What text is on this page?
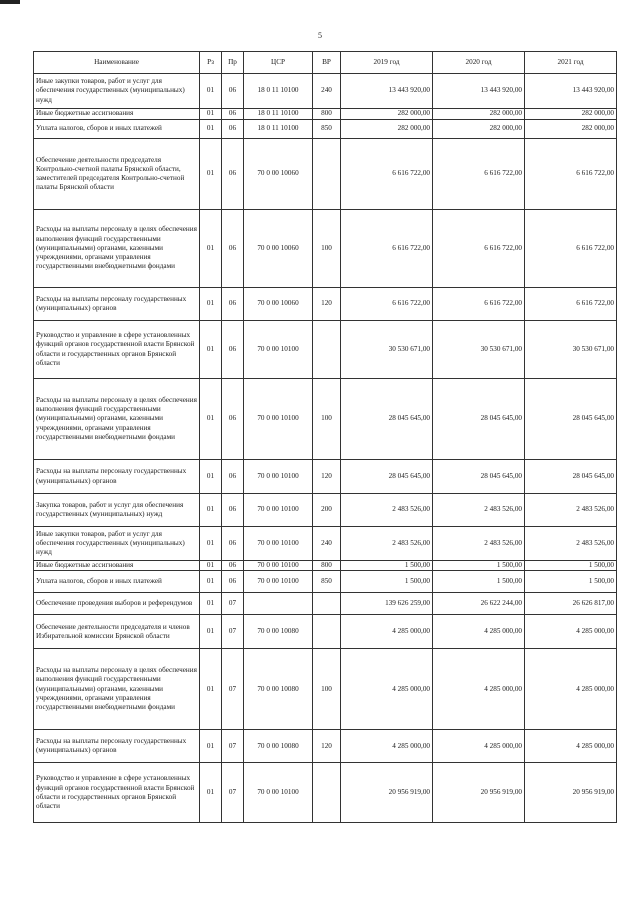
5
Наименование	Рз	Пр	ЦСР	ВР	2019 год	2020 год	2021 год
Иные закупки товаров, работ и услуг для обеспечения государственных (муниципальных) нужд	01	06	18 0 11 10100	240	13 443 920,00	13 443 920,00	13 443 920,00
Иные бюджетные ассигнования	01	06	18 0 11 10100	800	282 000,00	282 000,00	282 000,00
Уплата налогов, сборов и иных платежей	01	06	18 0 11 10100	850	282 000,00	282 000,00	282 000,00
Обеспечение деятельности председателя Контрольно-счетной палаты Брянской области, заместителей председателя Контрольно-счетной палаты Брянской области	01	06	70 0 00 10060		6 616 722,00	6 616 722,00	6 616 722,00
Расходы на выплаты персоналу в целях обеспечения выполнения функций государственными (муниципальными) органами, казенными учреждениями, органами управления государственными внебюджетными фондами	01	06	70 0 00 10060	100	6 616 722,00	6 616 722,00	6 616 722,00
Расходы на выплаты персоналу государственных (муниципальных) органов	01	06	70 0 00 10060	120	6 616 722,00	6 616 722,00	6 616 722,00
Руководство и управление в сфере установленных функций органов государственной власти Брянской области и государственных органов Брянской области	01	06	70 0 00 10100		30 530 671,00	30 530 671,00	30 530 671,00
Расходы на выплаты персоналу в целях обеспечения выполнения функций государственными (муниципальными) органами, казенными учреждениями, органами управления государственными внебюджетными фондами	01	06	70 0 00 10100	100	28 045 645,00	28 045 645,00	28 045 645,00
Расходы на выплаты персоналу государственных (муниципальных) органов	01	06	70 0 00 10100	120	28 045 645,00	28 045 645,00	28 045 645,00
Закупка товаров, работ и услуг для обеспечения государственных (муниципальных) нужд	01	06	70 0 00 10100	200	2 483 526,00	2 483 526,00	2 483 526,00
Иные закупки товаров, работ и услуг для обеспечения государственных (муниципальных) нужд	01	06	70 0 00 10100	240	2 483 526,00	2 483 526,00	2 483 526,00
Иные бюджетные ассигнования	01	06	70 0 00 10100	800	1 500,00	1 500,00	1 500,00
Уплата налогов, сборов и иных платежей	01	06	70 0 00 10100	850	1 500,00	1 500,00	1 500,00
Обеспечение проведения выборов и референдумов	01	07			139 626 259,00	26 622 244,00	26 626 817,00
Обеспечение деятельности председателя и членов Избирательной комиссии Брянской области	01	07	70 0 00 10080		4 285 000,00	4 285 000,00	4 285 000,00
Расходы на выплаты персоналу в целях обеспечения выполнения функций государственными (муниципальными) органами, казенными учреждениями, органами управления государственными внебюджетными фондами	01	07	70 0 00 10080	100	4 285 000,00	4 285 000,00	4 285 000,00
Расходы на выплаты персоналу государственных (муниципальных) органов	01	07	70 0 00 10080	120	4 285 000,00	4 285 000,00	4 285 000,00
Руководство и управление в сфере установленных функций органов государственной власти Брянской области и государственных органов Брянской области	01	07	70 0 00 10100		20 956 919,00	20 956 919,00	20 956 919,00
